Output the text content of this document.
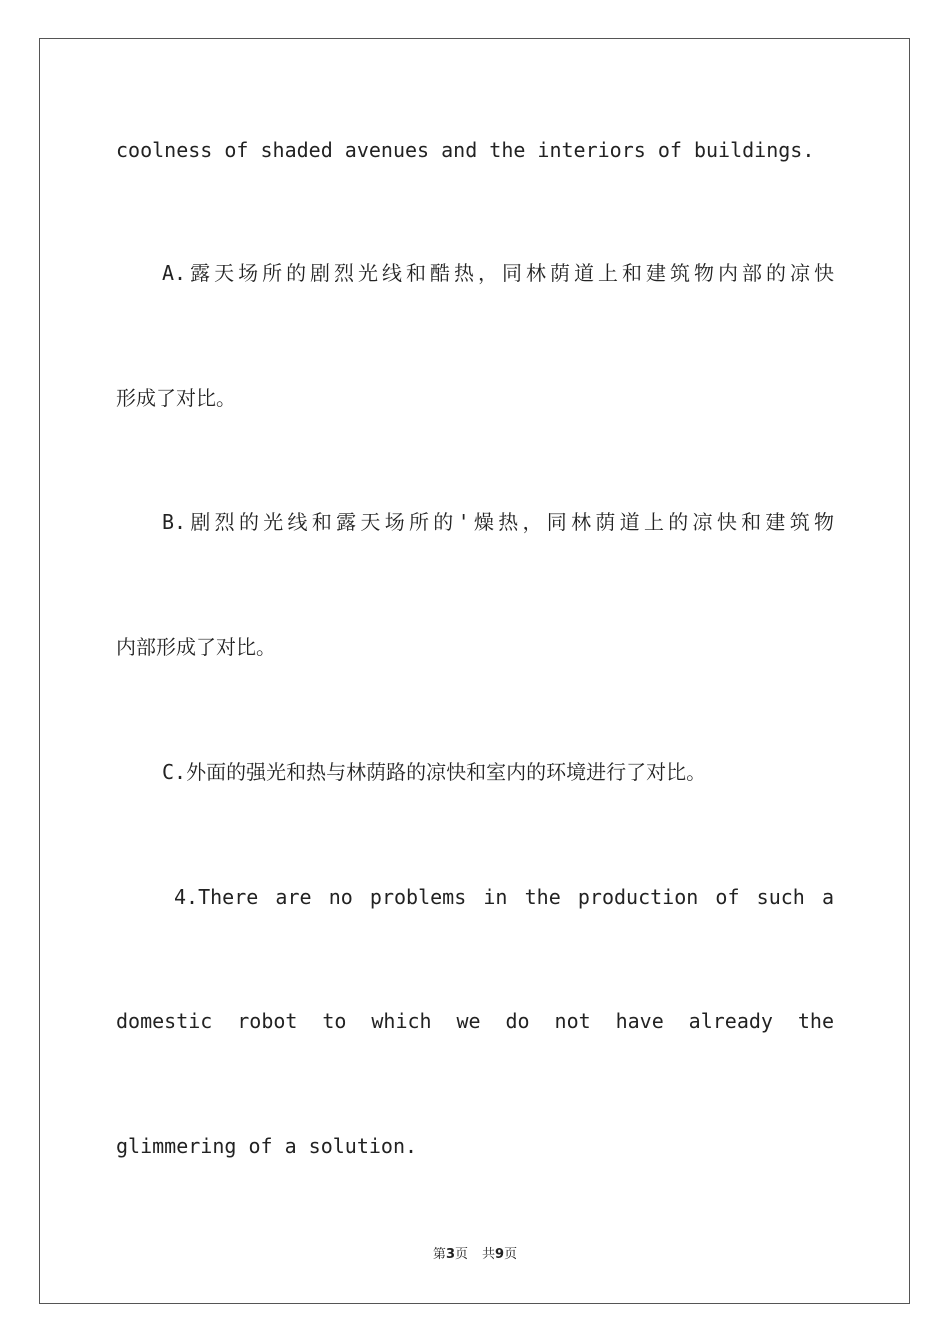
coolness of shaded avenues and the interiors of buildings.

A.露天场所的剧烈光线和酷热，同林荫道上和建筑物内部的凉快

形成了对比。

B.剧烈的光线和露天场所的'燥热，同林荫道上的凉快和建筑物

内部形成了对比。

C.外面的强光和热与林荫路的凉快和室内的环境进行了对比。

4.There are no problems in the production of such a

domestic robot to which we do not have already the

glimmering of a solution.

第3页 共9页
